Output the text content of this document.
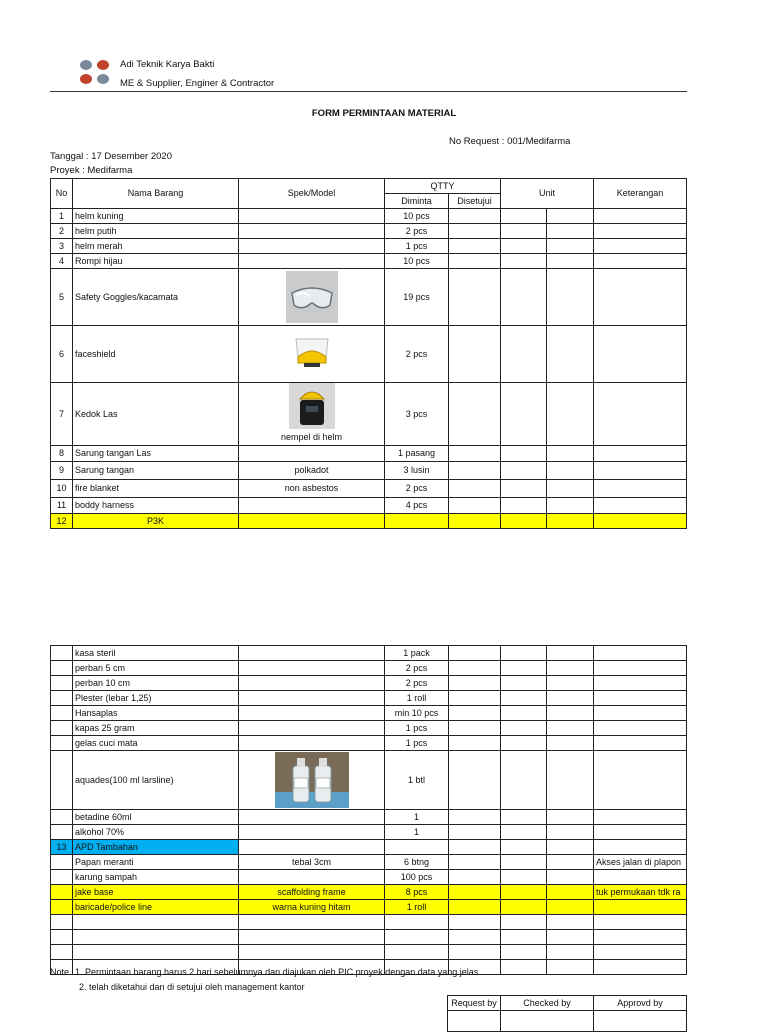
Adi Teknik Karya Bakti
ME & Supplier, Enginer & Contractor
FORM PERMINTAAN MATERIAL
No Request : 001/Medifarma
Tanggal : 17 Desember 2020
Proyek : Medifarma
No	Nama Barang	Spek/Model	QTTY		Unit		Keterangan
			Diminta	Disetujui			
1	helm kuning		10 pcs				
2	helm putih		2 pcs				
3	helm merah		1 pcs				
4	Rompi hijau		10 pcs				
5	Safety Goggles/kacamata		19 pcs				
6	faceshield		2 pcs				
7	Kedok Las	nempel di helm	3 pcs				
8	Sarung tangan Las		1 pasang				
9	Sarung tangan	polkadot	3 lusin				
10	fire blanket	non asbestos	2 pcs				
11	boddy harness		4 pcs				
12	P3K						
	kasa steril		1 pack				
	perban 5 cm		2 pcs				
	perban 10 cm		2 pcs				
	Plester (lebar 1,25)		1 roll				
	Hansaplas		min 10 pcs				
	kapas 25 gram		1 pcs				
	gelas cuci mata		1 pcs				
	aquades(100 ml larsline)		1 btl				
	betadine 60ml		1				
	alkohol 70%		1				
13	APD Tambahan						
	Papan meranti	tebal 3cm	6 btng				Akses jalan di plapon
	karung sampah		100 pcs				
	jake base	scaffolding frame	8 pcs				tuk permukaan tdk ra
	baricade/police line	warna kuning hitam	1 roll				

Note 1. Permintaan barang harus 2 hari sebelumnya dan diajukan oleh PIC proyek dengan data yang jelas
2. telah diketahui dan di setujui oleh management kantor
Request by	Checked by	Approvd by
